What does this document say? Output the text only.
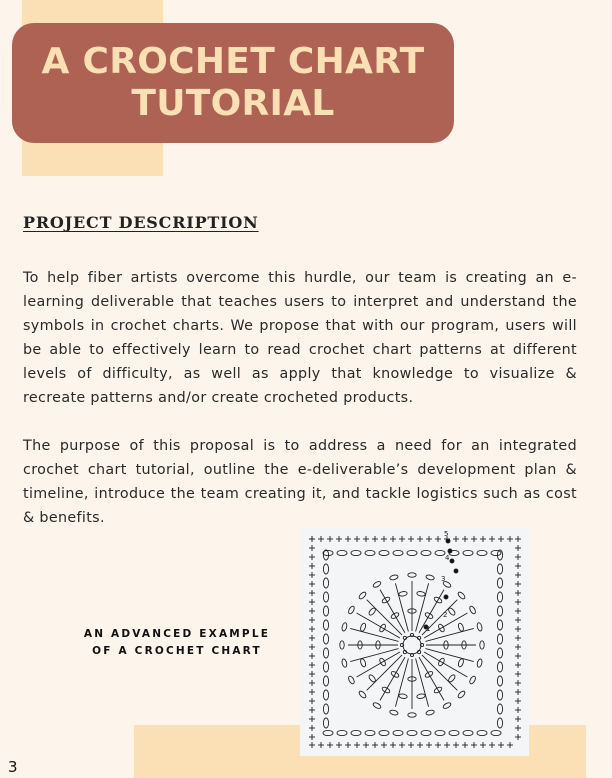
A CROCHET CHART
TUTORIAL
PROJECT DESCRIPTION

To help fiber artists overcome this hurdle, our team is creating an e-learning deliverable that teaches users to interpret and understand the symbols in crochet charts. We propose that with our program, users will be able to effectively learn to read crochet chart patterns at different levels of difficulty, as well as apply that knowledge to visualize & recreate patterns and/or create crocheted products.

The purpose of this proposal is to address a need for an integrated crochet chart tutorial, outline the e-deliverable’s development plan & timeline, introduce the team creating it, and tackle logistics such as cost & benefits.

AN ADVANCED EXAMPLE
OF A CROCHET CHART
1
2
3
4
5
3
